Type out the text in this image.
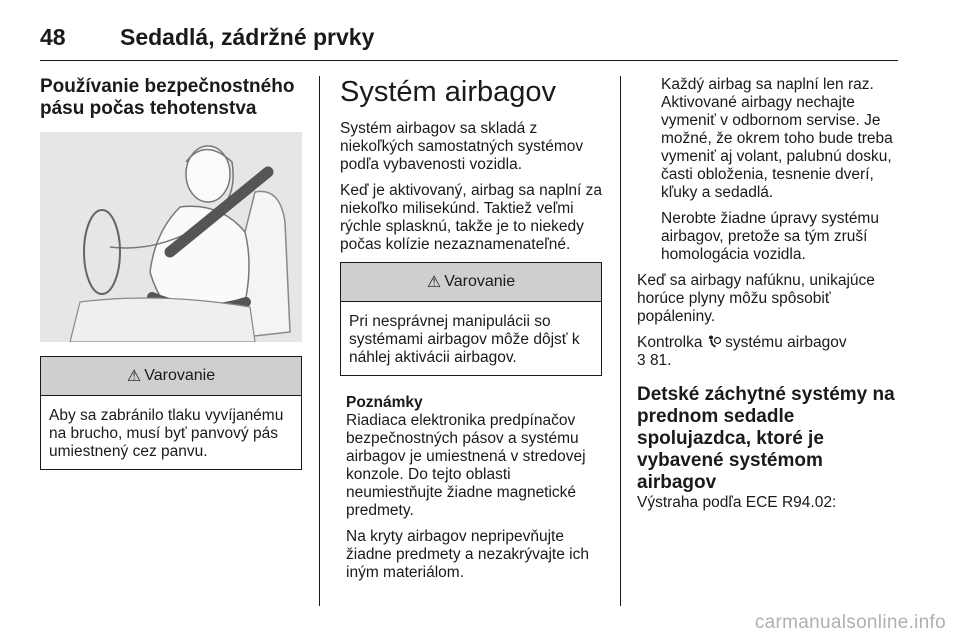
48	Sedadlá, zádržné prvky
Používanie bezpečnostného pásu počas tehotenstva
⚠ Varovanie

Aby sa zabránilo tlaku vyvíjanému na brucho, musí byť panvový pás umiestnený cez panvu.

Systém airbagov

Systém airbagov sa skladá z niekoľkých samostatných systémov podľa vybavenosti vozidla.

Keď je aktivovaný, airbag sa naplní za niekoľko milisekúnd. Taktiež veľmi rýchle splasknú, takže je to niekedy počas kolízie nezaznamenateľné.

⚠ Varovanie

Pri nesprávnej manipulácii so systémami airbagov môže dôjsť k náhlej aktivácii airbagov.

Poznámky

Riadiaca elektronika predpínačov bezpečnostných pásov a systému airbagov je umiestnená v stredovej konzole. Do tejto oblasti neumiestňujte žiadne magnetické predmety.

Na kryty airbagov nepripevňujte žiadne predmety a nezakrývajte ich iným materiálom.

Každý airbag sa naplní len raz. Aktivované airbagy nechajte vymeniť v odbornom servise. Je možné, že okrem toho bude treba vymeniť aj volant, palubnú dosku, časti obloženia, tesnenie dverí, kľuky a sedadlá.

Nerobte žiadne úpravy systému airbagov, pretože sa tým zruší homologácia vozidla.

Keď sa airbagy nafúknu, unikajúce horúce plyny môžu spôsobiť popáleniny.

Kontrolka systému airbagov
3 81.

Detské záchytné systémy na prednom sedadle spolujazdca, ktoré je vybavené systémom airbagov

Výstraha podľa ECE R94.02:

carmanualsonline.info
